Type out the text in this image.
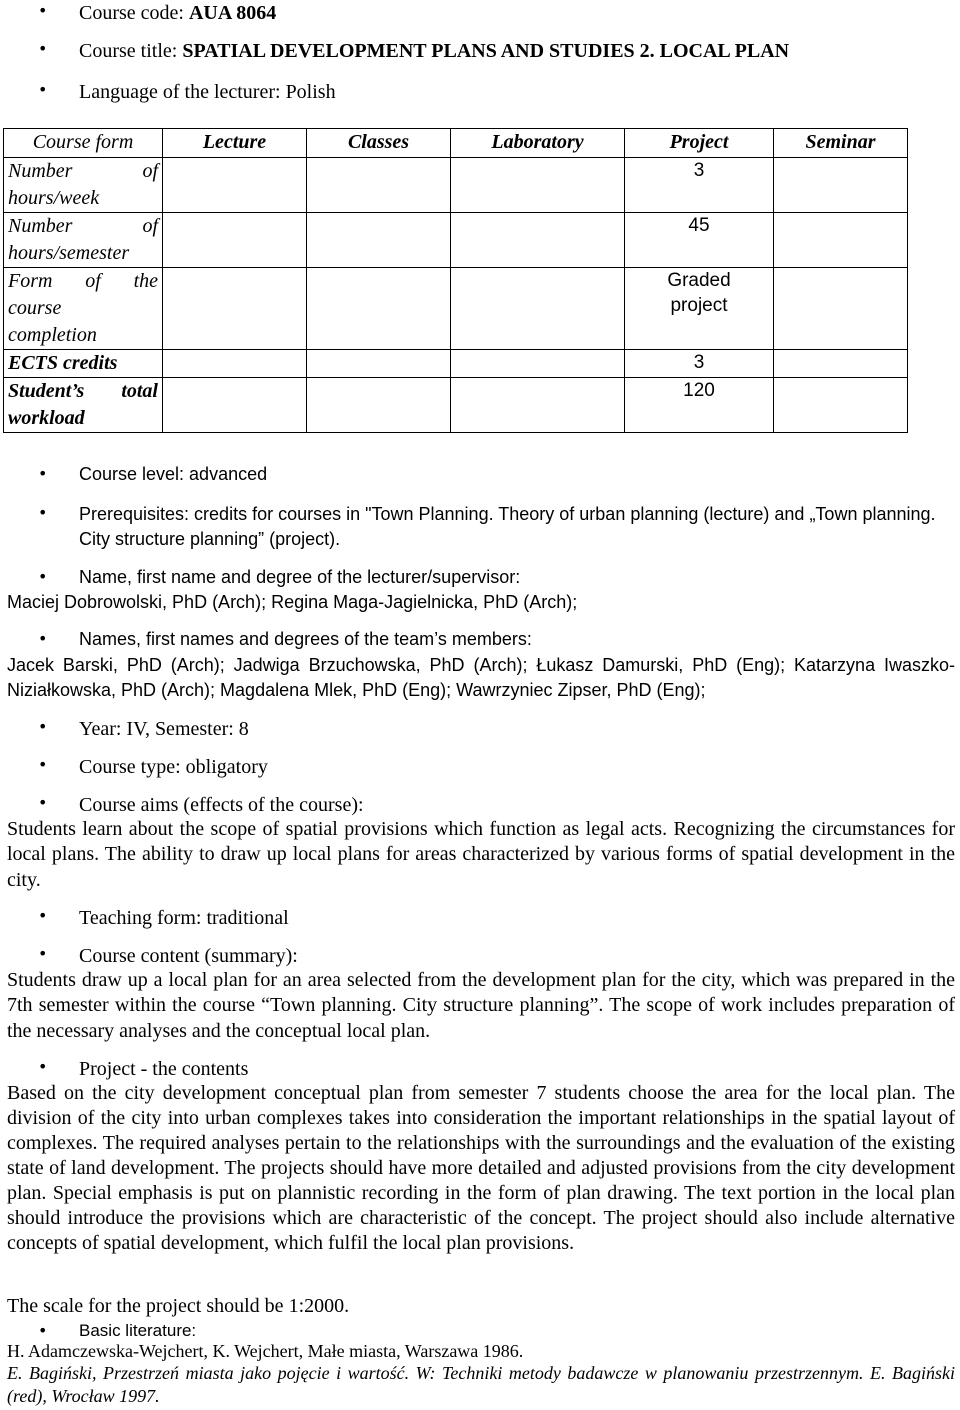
• Course code: AUA 8064
• Course title: SPATIAL DEVELOPMENT PLANS AND STUDIES 2. LOCAL PLAN
• Language of the lecturer: Polish
Course form	Lecture	Classes	Laboratory	Project	Seminar
Number of
hours/week				3	
Number of
hours/semester				45	
Form of the course
completion				Graded
project	
ECTS credits				3	
Student’s total
workload				120	
• Course level: advanced
• Prerequisites: credits for courses in "Town Planning. Theory of urban planning (lecture) and „Town planning. City structure planning” (project).
• Name, first name and degree of the lecturer/supervisor:
Maciej Dobrowolski, PhD (Arch); Regina Maga-Jagielnicka, PhD (Arch);
• Names, first names and degrees of the team’s members:
Jacek Barski, PhD (Arch); Jadwiga Brzuchowska, PhD (Arch); Łukasz Damurski, PhD (Eng); Katarzyna Iwaszko-Niziałkowska, PhD (Arch); Magdalena Mlek, PhD (Eng); Wawrzyniec Zipser, PhD (Eng);
• Year: IV, Semester: 8
• Course type: obligatory
• Course aims (effects of the course):
Students learn about the scope of spatial provisions which function as legal acts. Recognizing the circumstances for local plans. The ability to draw up local plans for areas characterized by various forms of spatial development in the city.
• Teaching form: traditional
• Course content (summary):
Students draw up a local plan for an area selected from the development plan for the city, which was prepared in the 7th semester within the course “Town planning. City structure planning”. The scope of work includes preparation of the necessary analyses and the conceptual local plan.
• Project - the contents
Based on the city development conceptual plan from semester 7 students choose the area for the local plan. The division of the city into urban complexes takes into consideration the important relationships in the spatial layout of complexes. The required analyses pertain to the relationships with the surroundings and the evaluation of the existing state of land development. The projects should have more detailed and adjusted provisions from the city development plan. Special emphasis is put on plannistic recording in the form of plan drawing. The text portion in the local plan should introduce the provisions which are characteristic of the concept. The project should also include alternative concepts of spatial development, which fulfil the local plan provisions.
The scale for the project should be 1:2000.
• Basic literature:
H. Adamczewska-Wejchert, K. Wejchert, Małe miasta, Warszawa 1986.
E. Bagiński, Przestrzeń miasta jako pojęcie i wartość. W: Techniki metody badawcze w planowaniu przestrzennym. E. Bagiński (red), Wrocław 1997.
